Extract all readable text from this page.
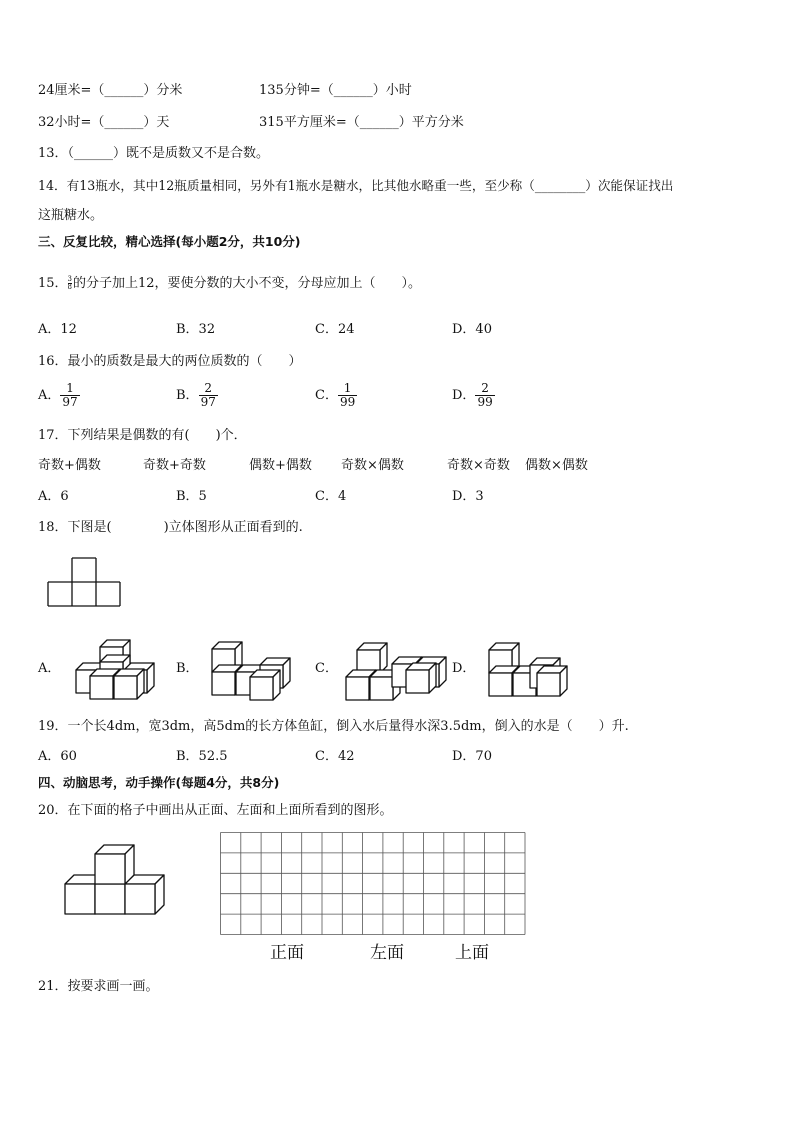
24厘米=（______）分米	135分钟=（______）小时
32小时=（______）天	315平方厘米=（______）平方分米
13．（______）既不是质数又不是合数。
14．有13瓶水，其中12瓶质量相同，另外有1瓶水是糖水，比其他水略重一些，至少称（________）次能保证找出
这瓶糖水。
三、反复比较，精心选择(每小题2分，共10分)
15． $\frac{3}{8}$ 的分子加上12，要使分数的大小不变，分母应加上（　　）。
A．12	B．32	C．24	D．40
16．最小的质数是最大的两位质数的（　　）
A． $\frac{1}{97}$	B． $\frac{2}{97}$	C． $\frac{1}{99}$	D． $\frac{2}{99}$
17．下列结果是偶数的有(　　)个．
奇数+偶数	奇数+奇数	偶数+偶数 奇数×偶数	奇数×奇数 偶数×偶数
A．6	B．5	C．4	D．3
18．下图是(　　　　)立体图形从正面看到的.
A．	B．	C．	D．
19．一个长4dm，宽3dm，高5dm的长方体鱼缸，倒入水后量得水深3.5dm，倒入的水是（　　）升.
A．60	B．52.5	C．42	D．70
四、动脑思考，动手操作(每题4分，共8分)
20．在下面的格子中画出从正面、左面和上面所看到的图形。
正面	左面	上面
21．按要求画一画。
